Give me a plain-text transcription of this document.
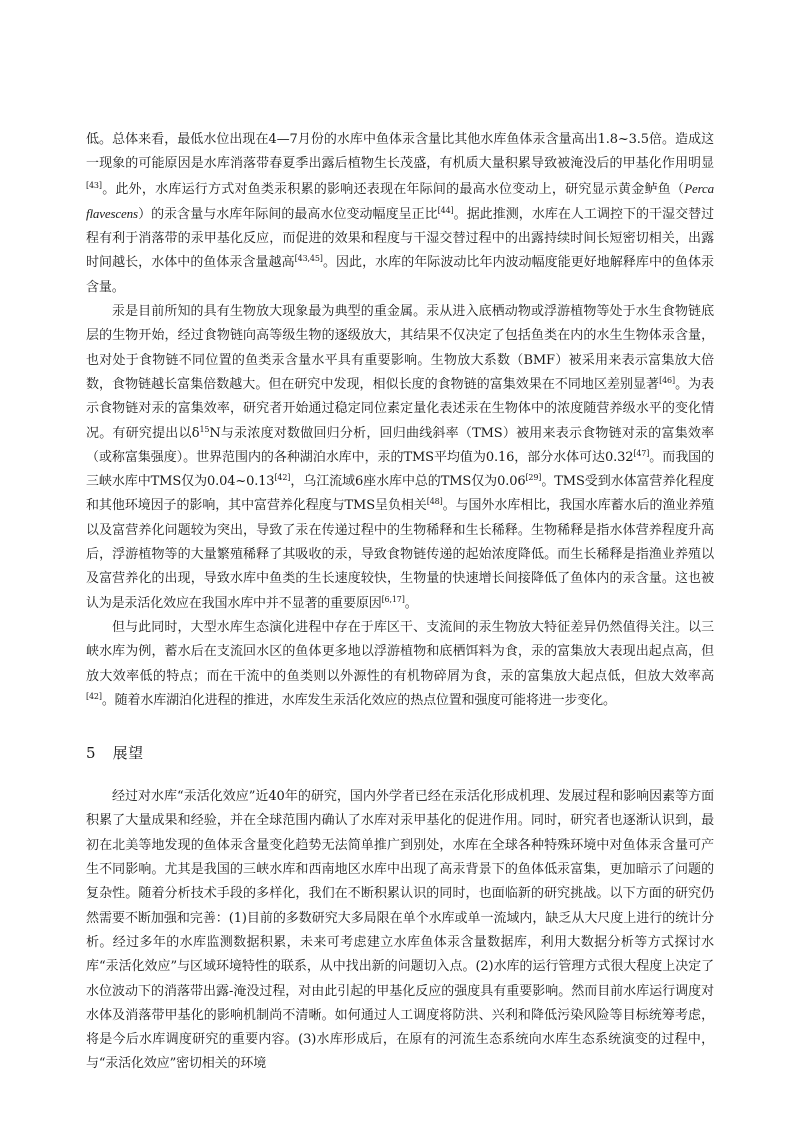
低。总体来看，最低水位出现在4—7月份的水库中鱼体汞含量比其他水库鱼体汞含量高出1.8~3.5倍。造成这一现象的可能原因是水库消落带春夏季出露后植物生长茂盛，有机质大量积累导致被淹没后的甲基化作用明显[43]。此外，水库运行方式对鱼类汞积累的影响还表现在年际间的最高水位变动上，研究显示黄金鲈鱼（Perca flavescens）的汞含量与水库年际间的最高水位变动幅度呈正比[44]。据此推测，水库在人工调控下的干湿交替过程有利于消落带的汞甲基化反应，而促进的效果和程度与干湿交替过程中的出露持续时间长短密切相关，出露时间越长，水体中的鱼体汞含量越高[43,45]。因此，水库的年际波动比年内波动幅度能更好地解释库中的鱼体汞含量。

汞是目前所知的具有生物放大现象最为典型的重金属。汞从进入底栖动物或浮游植物等处于水生食物链底层的生物开始，经过食物链向高等级生物的逐级放大，其结果不仅决定了包括鱼类在内的水生生物体汞含量，也对处于食物链不同位置的鱼类汞含量水平具有重要影响。生物放大系数（BMF）被采用来表示富集放大倍数，食物链越长富集倍数越大。但在研究中发现，相似长度的食物链的富集效果在不同地区差别显著[46]。为表示食物链对汞的富集效率，研究者开始通过稳定同位素定量化表述汞在生物体中的浓度随营养级水平的变化情况。有研究提出以$\delta^{15}N$与汞浓度对数做回归分析，回归曲线斜率（TMS）被用来表示食物链对汞的富集效率（或称富集强度）。世界范围内的各种湖泊水库中，汞的TMS平均值为0.16，部分水体可达0.32[47]。而我国的三峡水库中TMS仅为0.04~0.13[42]，乌江流域6座水库中总的TMS仅为0.06[29]。TMS受到水体富营养化程度和其他环境因子的影响，其中富营养化程度与TMS呈负相关[48]。与国外水库相比，我国水库蓄水后的渔业养殖以及富营养化问题较为突出，导致了汞在传递过程中的生物稀释和生长稀释。生物稀释是指水体营养程度升高后，浮游植物等的大量繁殖稀释了其吸收的汞，导致食物链传递的起始浓度降低。而生长稀释是指渔业养殖以及富营养化的出现，导致水库中鱼类的生长速度较快，生物量的快速增长间接降低了鱼体内的汞含量。这也被认为是汞活化效应在我国水库中并不显著的重要原因[6,17]。

但与此同时，大型水库生态演化进程中存在于库区干、支流间的汞生物放大特征差异仍然值得关注。以三峡水库为例，蓄水后在支流回水区的鱼体更多地以浮游植物和底栖饵料为食，汞的富集放大表现出起点高，但放大效率低的特点；而在干流中的鱼类则以外源性的有机物碎屑为食，汞的富集放大起点低，但放大效率高[42]。随着水库湖泊化进程的推进，水库发生汞活化效应的热点位置和强度可能将进一步变化。

5 展望

经过对水库“汞活化效应”近40年的研究，国内外学者已经在汞活化形成机理、发展过程和影响因素等方面积累了大量成果和经验，并在全球范围内确认了水库对汞甲基化的促进作用。同时，研究者也逐渐认识到，最初在北美等地发现的鱼体汞含量变化趋势无法简单推广到别处，水库在全球各种特殊环境中对鱼体汞含量可产生不同影响。尤其是我国的三峡水库和西南地区水库中出现了高汞背景下的鱼体低汞富集，更加暗示了问题的复杂性。随着分析技术手段的多样化，我们在不断积累认识的同时，也面临新的研究挑战。以下方面的研究仍然需要不断加强和完善：(1)目前的多数研究大多局限在单个水库或单一流域内，缺乏从大尺度上进行的统计分析。经过多年的水库监测数据积累，未来可考虑建立水库鱼体汞含量数据库，利用大数据分析等方式探讨水库“汞活化效应”与区域环境特性的联系，从中找出新的问题切入点。(2)水库的运行管理方式很大程度上决定了水位波动下的消落带出露-淹没过程，对由此引起的甲基化反应的强度具有重要影响。然而目前水库运行调度对水体及消落带甲基化的影响机制尚不清晰。如何通过人工调度将防洪、兴利和降低污染风险等目标统筹考虑，将是今后水库调度研究的重要内容。(3)水库形成后，在原有的河流生态系统向水库生态系统演变的过程中，与“汞活化效应”密切相关的环境
